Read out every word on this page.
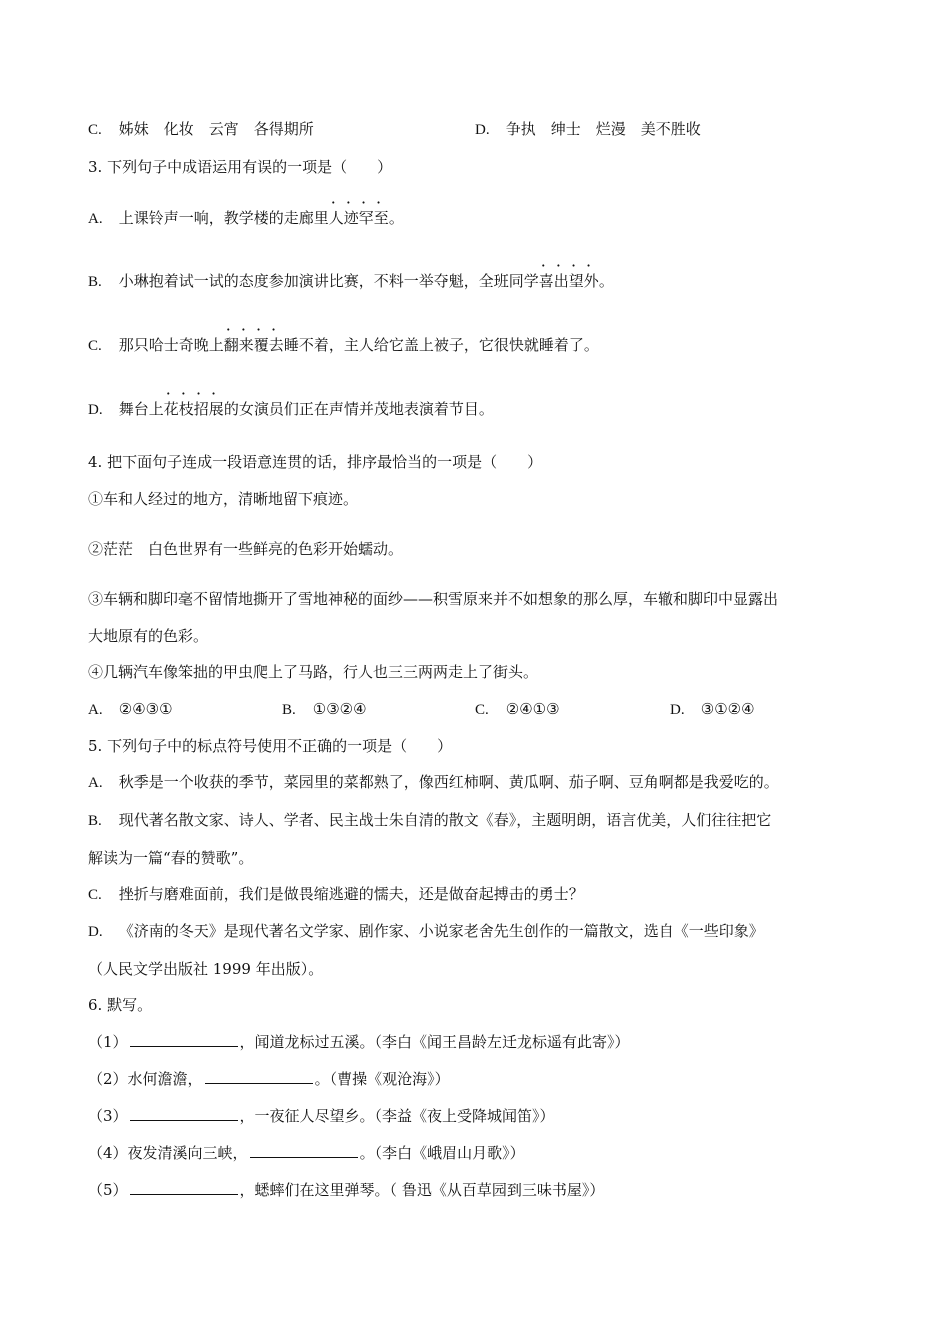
C. 姊妹　化妆　云宵　各得期所	D. 争执　绅士　烂漫　美不胜收
3. 下列句子中成语运用有误的一项是（　　）
A. 上课铃声一响，教学楼的走廊里···· 人迹罕至。
B. 小琳抱着试一试的态度参加演讲比赛，不料一举夺魁，全班同学···· 喜出望外。
C. 那只哈士奇晚上···· 翻来覆去睡不着，主人给它盖上被子，它很快就睡着了。
D. 舞台上···· 花枝招展的女演员们正在声情并茂地表演着节目。
4. 把下面句子连成一段语意连贯的话，排序最恰当的一项是（　　）
①车和人经过的地方，清晰地留下痕迹。
②茫茫　白色世界有一些鲜亮的色彩开始蠕动。
③车辆和脚印毫不留情地撕开了雪地神秘的面纱——积雪原来并不如想象的那么厚，车辙和脚印中显露出
大地原有的色彩。
④几辆汽车像笨拙的甲虫爬上了马路，行人也三三两两走上了街头。
A. ②④③①	B. ①③②④	C. ②④①③	D. ③①②④
5. 下列句子中的标点符号使用不正确的一项是（　　）
A. 秋季是一个收获的季节，菜园里的菜都熟了，像西红柿啊、黄瓜啊、茄子啊、豆角啊都是我爱吃的。
B. 现代著名散文家、诗人、学者、民主战士朱自清的散文《春》，主题明朗，语言优美，人们往往把它
解读为一篇“春的赞歌”。
C. 挫折与磨难面前，我们是做畏缩逃避的懦夫，还是做奋起搏击的勇士？
D. 《济南的冬天》是现代著名文学家、剧作家、小说家老舍先生创作的一篇散文，选自《一些印象》
（人民文学出版社 1999 年出版）。
6. 默写。
（1）	，闻道龙标过五溪。（李白《闻王昌龄左迁龙标遥有此寄》）
（2）水何澹澹，	。（曹操《观沧海》）
（3）	，一夜征人尽望乡。（李益《夜上受降城闻笛》）
（4）夜发清溪向三峡，	。（李白《峨眉山月歌》）
（5）	，蟋蟀们在这里弹琴。（ 鲁迅《从百草园到三味书屋》）
